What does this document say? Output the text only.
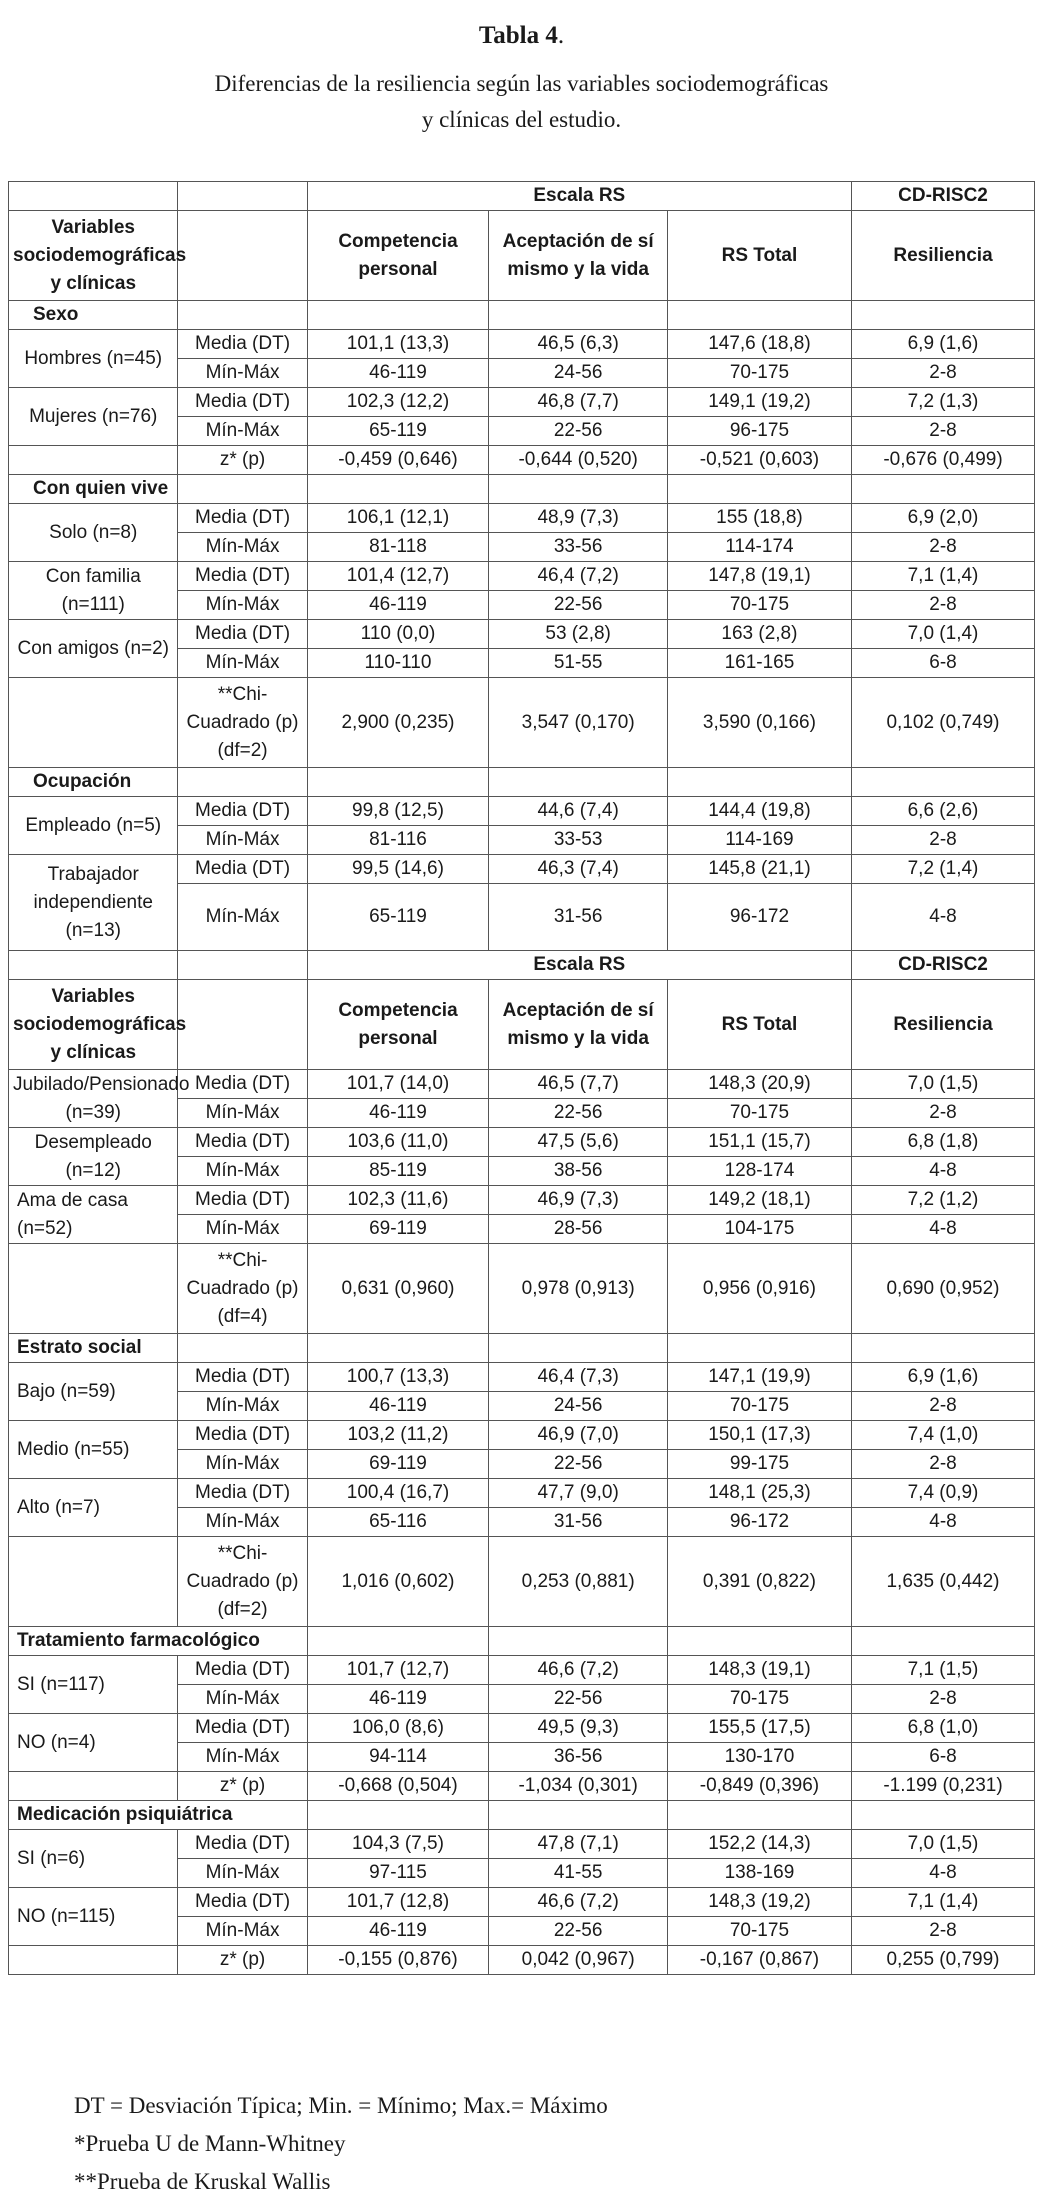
Tabla 4.
Diferencias de la resiliencia según las variables sociodemográficas
y clínicas del estudio.
		Escala RS			CD-RISC2
Variables sociodemográficas y clínicas		Competencia personal	Aceptación de sí mismo y la vida	RS Total	Resiliencia
Sexo					
Hombres (n=45)	Media (DT)	101,1 (13,3)	46,5 (6,3)	147,6 (18,8)	6,9 (1,6)
	Mín-Máx	46-119	24-56	70-175	2-8
Mujeres (n=76)	Media (DT)	102,3 (12,2)	46,8 (7,7)	149,1 (19,2)	7,2 (1,3)
	Mín-Máx	65-119	22-56	96-175	2-8
	z* (p)	-0,459 (0,646)	-0,644 (0,520)	-0,521 (0,603)	-0,676 (0,499)
Con quien vive					
Solo (n=8)	Media (DT)	106,1 (12,1)	48,9 (7,3)	155 (18,8)	6,9 (2,0)
	Mín-Máx	81-118	33-56	114-174	2-8
Con familia (n=111)	Media (DT)	101,4 (12,7)	46,4 (7,2)	147,8 (19,1)	7,1 (1,4)
	Mín-Máx	46-119	22-56	70-175	2-8
Con amigos (n=2)	Media (DT)	110 (0,0)	53 (2,8)	163 (2,8)	7,0 (1,4)
	Mín-Máx	110-110	51-55	161-165	6-8
	**Chi-Cuadrado (p) (df=2)	2,900 (0,235)	3,547 (0,170)	3,590 (0,166)	0,102 (0,749)
Ocupación					
Empleado (n=5)	Media (DT)	99,8 (12,5)	44,6 (7,4)	144,4 (19,8)	6,6 (2,6)
	Mín-Máx	81-116	33-53	114-169	2-8
Trabajador independiente (n=13)	Media (DT)	99,5 (14,6)	46,3 (7,4)	145,8 (21,1)	7,2 (1,4)
	Mín-Máx	65-119	31-56	96-172	4-8
		Escala RS			CD-RISC2
Variables sociodemográficas y clínicas		Competencia personal	Aceptación de sí mismo y la vida	RS Total	Resiliencia
Jubilado/Pensionado (n=39)	Media (DT)	101,7 (14,0)	46,5 (7,7)	148,3 (20,9)	7,0 (1,5)
	Mín-Máx	46-119	22-56	70-175	2-8
Desempleado (n=12)	Media (DT)	103,6 (11,0)	47,5 (5,6)	151,1 (15,7)	6,8 (1,8)
	Mín-Máx	85-119	38-56	128-174	4-8
Ama de casa (n=52)	Media (DT)	102,3 (11,6)	46,9 (7,3)	149,2 (18,1)	7,2 (1,2)
	Mín-Máx	69-119	28-56	104-175	4-8
	**Chi-Cuadrado (p) (df=4)	0,631 (0,960)	0,978 (0,913)	0,956 (0,916)	0,690 (0,952)
Estrato social					
Bajo (n=59)	Media (DT)	100,7 (13,3)	46,4 (7,3)	147,1 (19,9)	6,9 (1,6)
	Mín-Máx	46-119	24-56	70-175	2-8
Medio (n=55)	Media (DT)	103,2 (11,2)	46,9 (7,0)	150,1 (17,3)	7,4 (1,0)
	Mín-Máx	69-119	22-56	99-175	2-8
Alto (n=7)	Media (DT)	100,4 (16,7)	47,7 (9,0)	148,1 (25,3)	7,4 (0,9)
	Mín-Máx	65-116	31-56	96-172	4-8
	**Chi-Cuadrado (p) (df=2)	1,016 (0,602)	0,253 (0,881)	0,391 (0,822)	1,635 (0,442)
Tratamiento farmacológico					
SI (n=117)	Media (DT)	101,7 (12,7)	46,6 (7,2)	148,3 (19,1)	7,1 (1,5)
	Mín-Máx	46-119	22-56	70-175	2-8
NO (n=4)	Media (DT)	106,0 (8,6)	49,5 (9,3)	155,5 (17,5)	6,8 (1,0)
	Mín-Máx	94-114	36-56	130-170	6-8
	z* (p)	-0,668 (0,504)	-1,034 (0,301)	-0,849 (0,396)	-1.199 (0,231)
Medicación psiquiátrica					
SI (n=6)	Media (DT)	104,3 (7,5)	47,8 (7,1)	152,2 (14,3)	7,0 (1,5)
	Mín-Máx	97-115	41-55	138-169	4-8
NO (n=115)	Media (DT)	101,7 (12,8)	46,6 (7,2)	148,3 (19,2)	7,1 (1,4)
	Mín-Máx	46-119	22-56	70-175	2-8
	z* (p)	-0,155 (0,876)	0,042 (0,967)	-0,167 (0,867)	0,255 (0,799)
DT = Desviación Típica; Min. = Mínimo; Max.= Máximo
*Prueba U de Mann-Whitney
**Prueba de Kruskal Wallis
